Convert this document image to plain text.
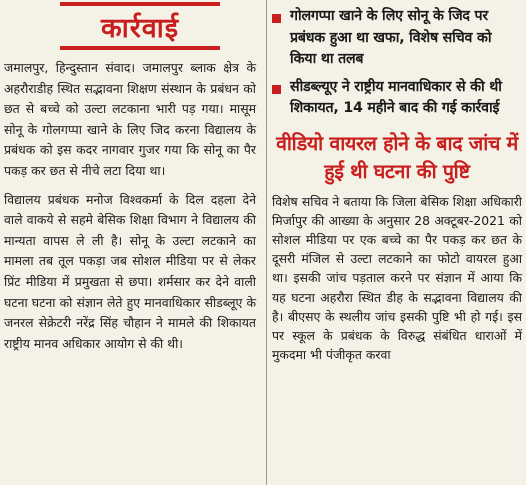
कार्रवाई

जमालपुर, हिन्दुस्तान संवाद। जमालपुर ब्लाक क्षेत्र के अहरौराडीह स्थित सद्भावना शिक्षण संस्थान के प्रबंधन को छत से बच्चे को उल्टा लटकाना भारी पड़ गया। मासूम सोनू के गोलगप्पा खाने के लिए जिद करना विद्यालय के प्रबंधक को इस कदर नागवार गुजर गया कि सोनू का पैर पकड़ कर छत से नीचे लटा दिया था।

विद्यालय प्रबंधक मनोज विश्वकर्मा के दिल दहला देने वाले वाकये से सहमे बेसिक शिक्षा विभाग ने विद्यालय की मान्यता वापस ले ली है। सोनू के उल्टा लटकाने का मामला तब तूल पकड़ा जब सोशल मीडिया पर से लेकर प्रिंट मीडिया में प्रमुखता से छपा। शर्मसार कर देने वाली घटना घटना को संज्ञान लेते हुए मानवाधिकार सीडब्लूए के जनरल सेक्रेटरी नरेंद्र सिंह चौहान ने मामले की शिकायत राष्ट्रीय मानव अधिकार आयोग से की थी।

गोलगप्पा खाने के लिए सोनू के जिद पर प्रबंधक हुआ था खफा, विशेष सचिव को किया था तलब
सीडब्ल्यूए ने राष्ट्रीय मानवाधिकार से की थी शिकायत, 14 महीने बाद की गई कार्रवाई
वीडियो वायरल होने के बाद जांच में हुई थी घटना की पुष्टि
विशेष सचिव ने बताया कि जिला बेसिक शिक्षा अधिकारी मिर्जापुर की आख्या के अनुसार 28 अक्टूबर-2021 को सोशल मीडिया पर एक बच्चे का पैर पकड़ कर छत के दूसरी मंजिल से उल्टा लटकाने का फोटो वायरल हुआ था। इसकी जांच पड़ताल करने पर संज्ञान में आया कि यह घटना अहरौरा स्थित डीह के सद्भावना विद्यालय की है। बीएसए के स्थलीय जांच इसकी पुष्टि भी हो गई। इस पर स्कूल के प्रबंधक के विरुद्ध संबंधित धाराओं में मुकदमा भी पंजीकृत करवा
